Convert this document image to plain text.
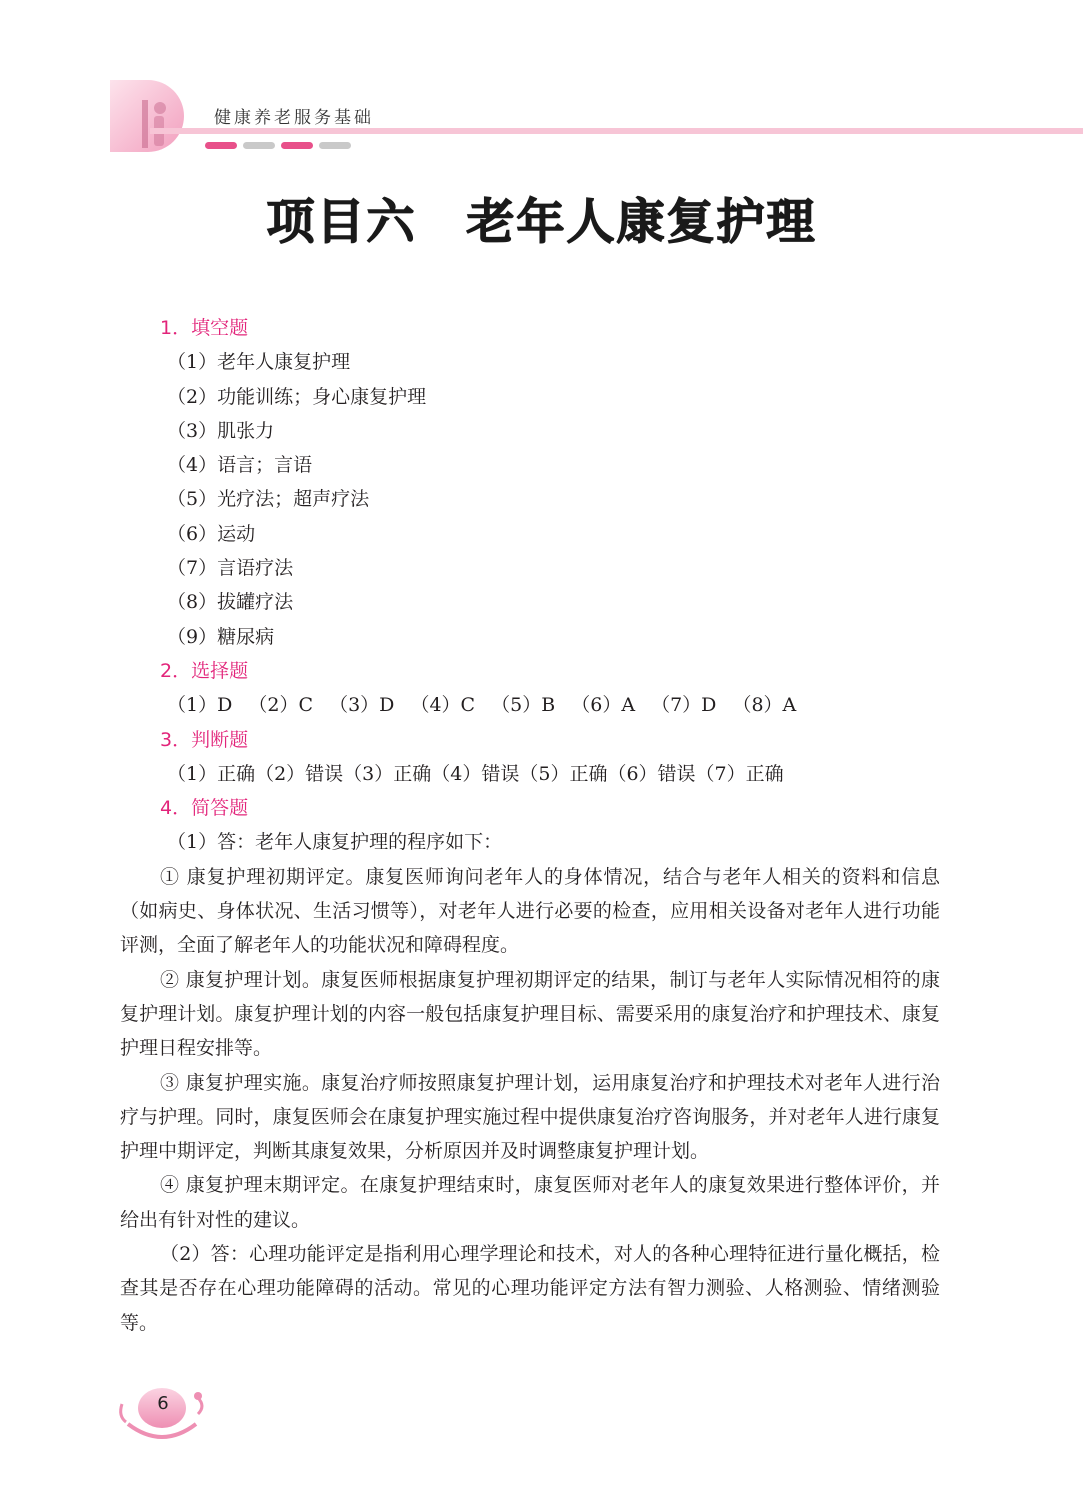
健康养老服务基础
项目六　老年人康复护理
1．填空题
（1）老年人康复护理
（2）功能训练；身心康复护理
（3）肌张力
（4）语言；言语
（5）光疗法；超声疗法
（6）运动
（7）言语疗法
（8）拔罐疗法
（9）糖尿病
2．选择题
（1）D （2）C （3）D （4）C （5）B （6）A （7）D （8）A
3．判断题
（1）正确（2）错误（3）正确（4）错误（5）正确（6）错误（7）正确
4．简答题
（1）答：老年人康复护理的程序如下：
① 康复护理初期评定。康复医师询问老年人的身体情况，结合与老年人相关的资料和信息（如病史、身体状况、生活习惯等），对老年人进行必要的检查，应用相关设备对老年人进行功能评测，全面了解老年人的功能状况和障碍程度。
② 康复护理计划。康复医师根据康复护理初期评定的结果，制订与老年人实际情况相符的康复护理计划。康复护理计划的内容一般包括康复护理目标、需要采用的康复治疗和护理技术、康复护理日程安排等。
③ 康复护理实施。康复治疗师按照康复护理计划，运用康复治疗和护理技术对老年人进行治疗与护理。同时，康复医师会在康复护理实施过程中提供康复治疗咨询服务，并对老年人进行康复护理中期评定，判断其康复效果，分析原因并及时调整康复护理计划。
④ 康复护理末期评定。在康复护理结束时，康复医师对老年人的康复效果进行整体评价，并给出有针对性的建议。
（2）答：心理功能评定是指利用心理学理论和技术，对人的各种心理特征进行量化概括，检查其是否存在心理功能障碍的活动。常见的心理功能评定方法有智力测验、人格测验、情绪测验等。
6
